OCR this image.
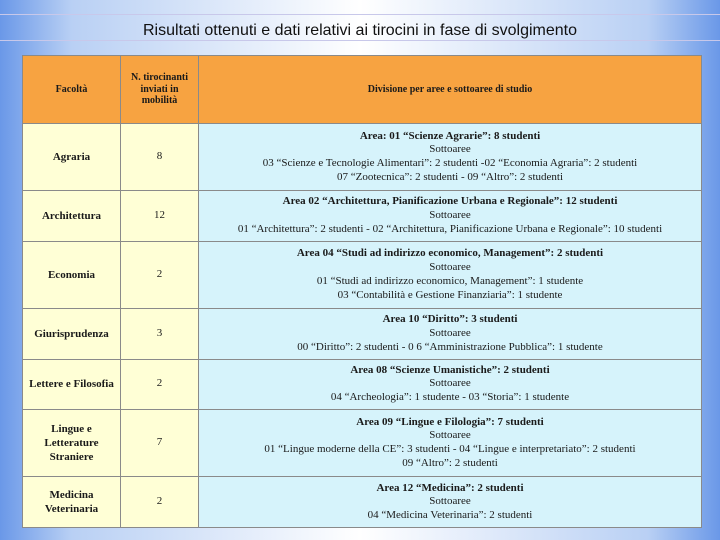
Risultati ottenuti e dati relativi ai tirocini in fase di svolgimento
Facoltà	N. tirocinanti inviati in mobilità	Divisione per aree e sottoaree di studio
Agraria	8	Area: 01 “Scienze Agrarie”: 8 studenti
Sottoaree
03 “Scienze e Tecnologie Alimentari”: 2 studenti -02 “Economia Agraria”: 2 studenti
07 “Zootecnica”: 2 studenti - 09 “Altro”: 2 studenti

Architettura	12	Area 02 “Architettura, Pianificazione Urbana e Regionale”: 12 studenti
Sottoaree
01 “Architettura”: 2 studenti - 02 “Architettura, Pianificazione Urbana e Regionale”: 10 studenti

Economia	2	Area 04 “Studi ad indirizzo economico, Management”: 2 studenti
Sottoaree
01 “Studi ad indirizzo economico, Management”: 1 studente
03 “Contabilità e Gestione Finanziaria”: 1 studente

Giurisprudenza	3	Area 10 “Diritto”: 3 studenti
Sottoaree
00 “Diritto”: 2 studenti - 0 6 “Amministrazione Pubblica”: 1 studente

Lettere e Filosofia	2	Area 08 “Scienze Umanistiche”: 2 studenti
Sottoaree
04 “Archeologia”: 1 studente - 03 “Storia”: 1 studente

Lingue e Letterature Straniere	7	Area 09 “Lingue e Filologia”: 7 studenti
Sottoaree
01 “Lingue moderne della CE”: 3 studenti - 04 “Lingue e interpretariato”: 2 studenti
09 “Altro”: 2 studenti

Medicina Veterinaria	2	Area 12 “Medicina”: 2 studenti
Sottoaree
04 “Medicina Veterinaria”: 2 studenti
